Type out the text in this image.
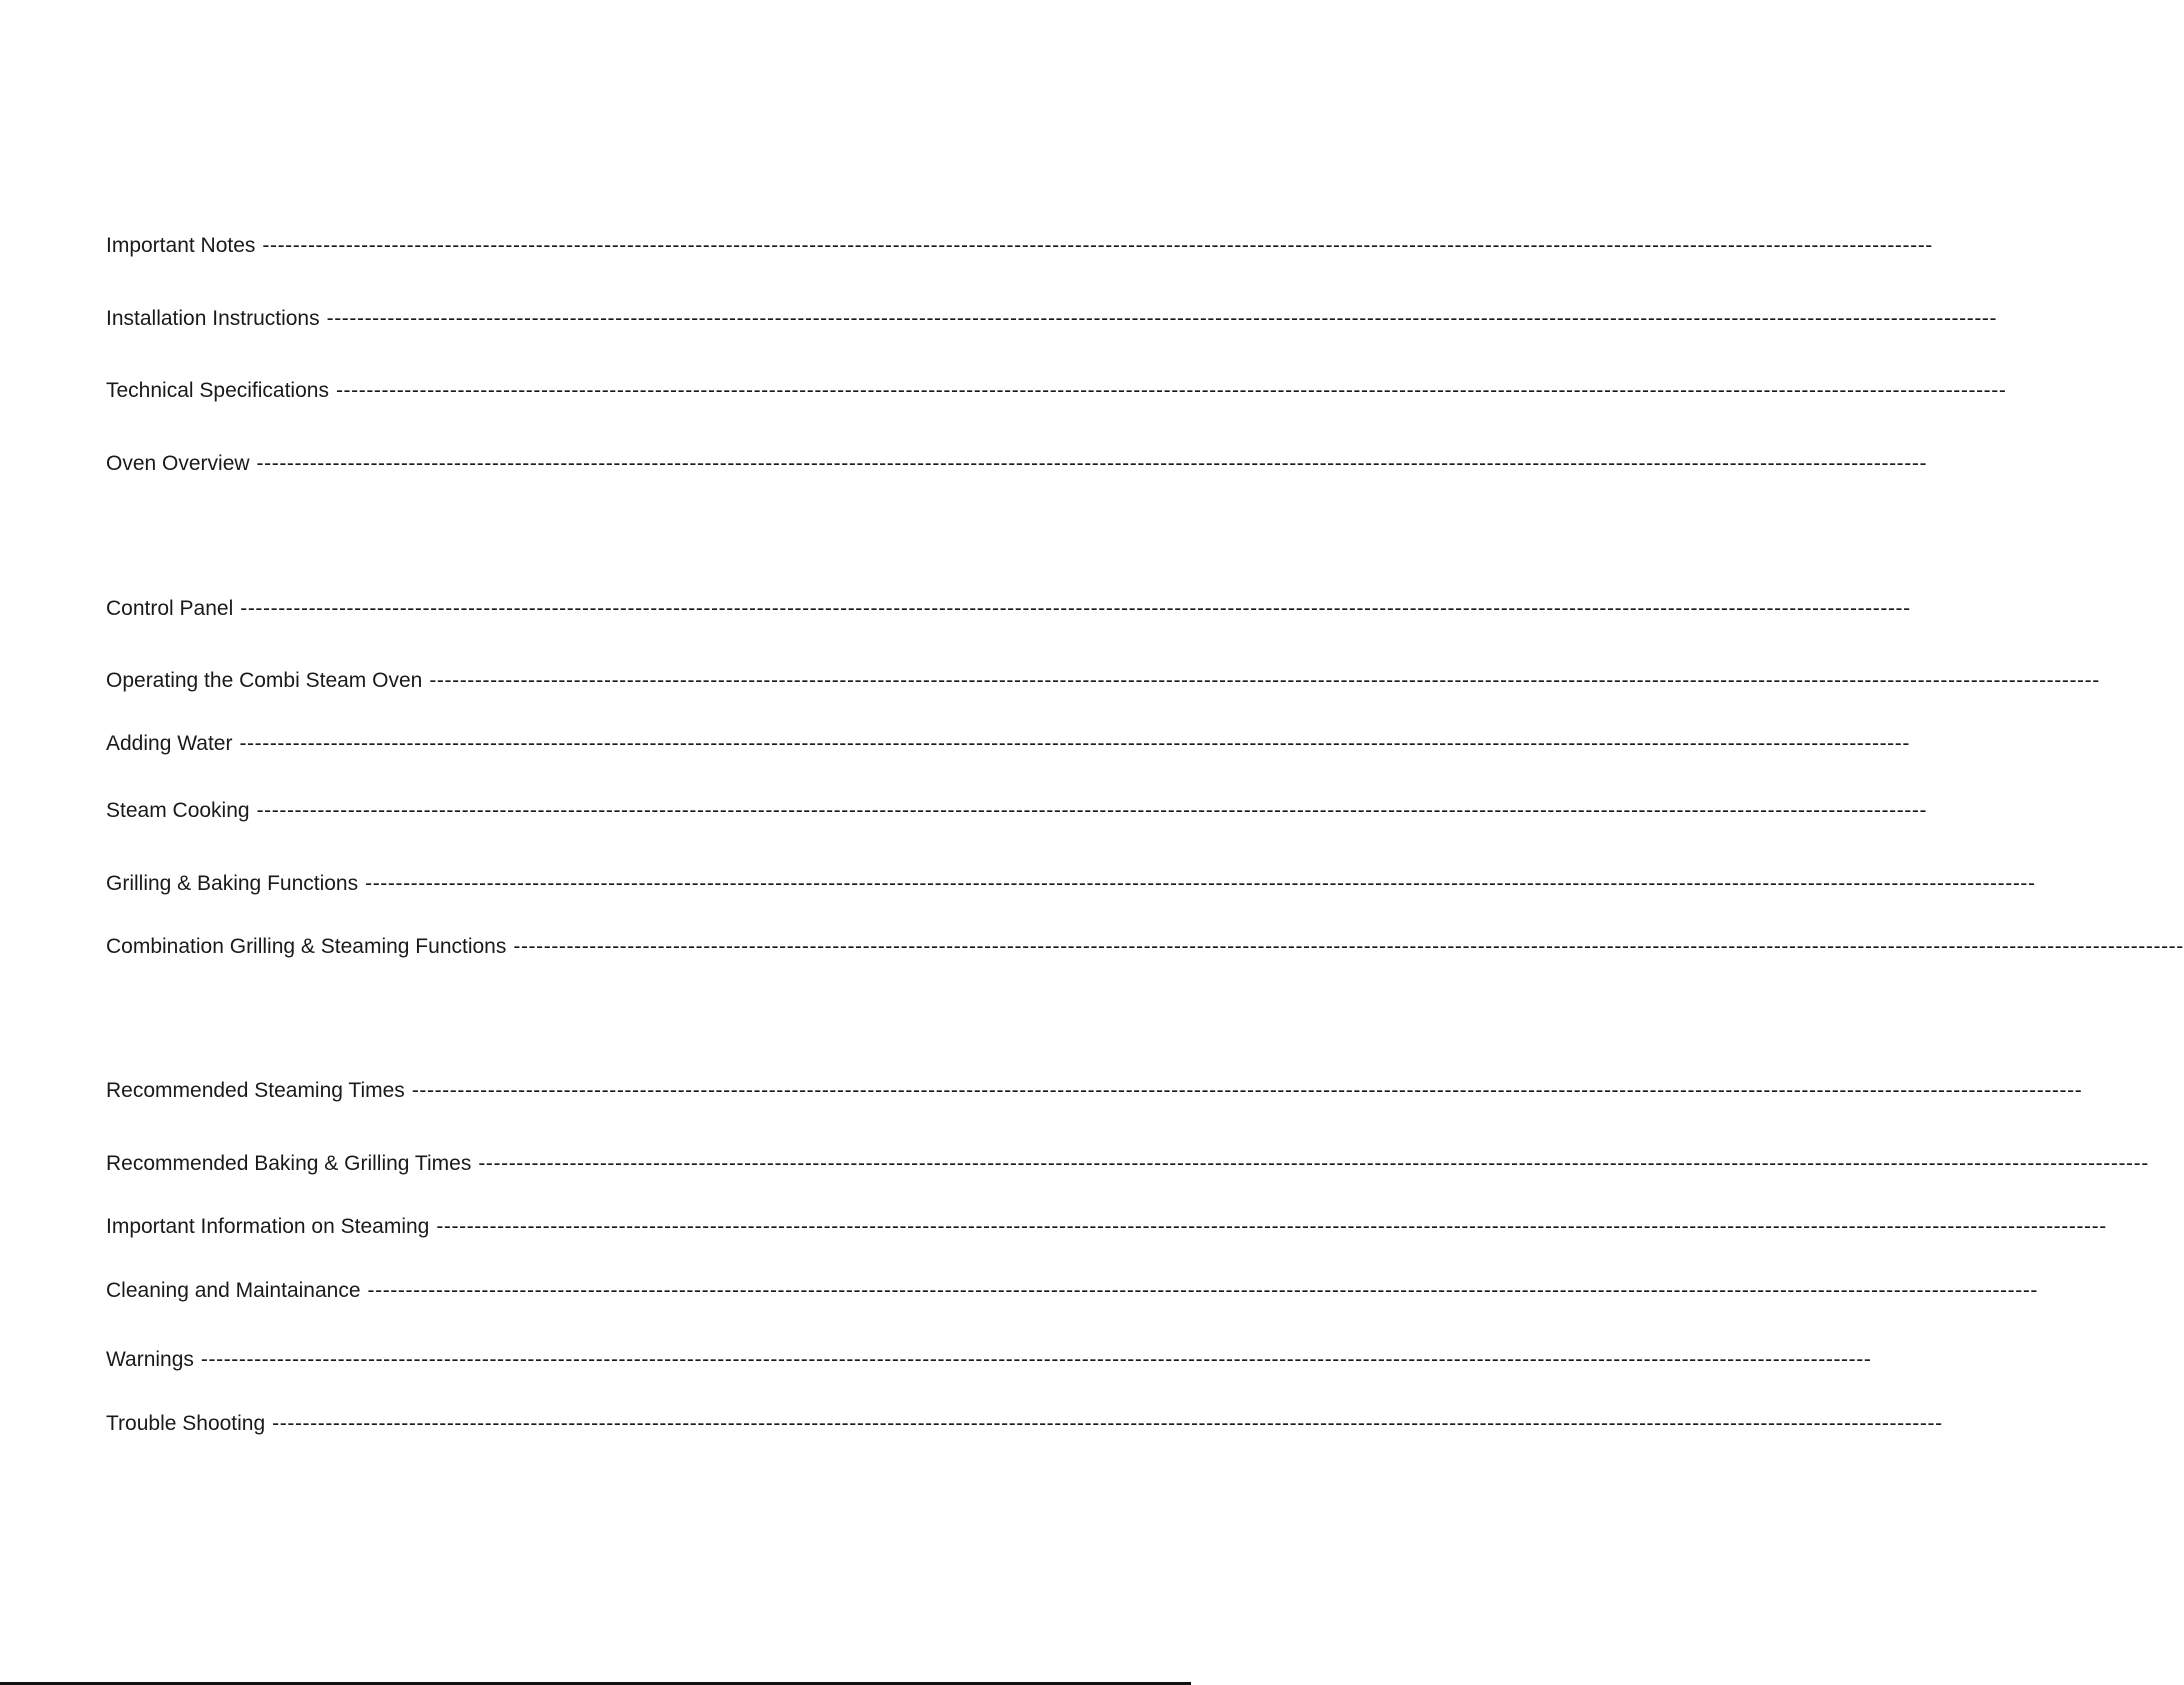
Important Notes ----------------------------------------------------------------------------------------------------------------------------------------------------------------------------------------------------------------------------
Installation Instructions ----------------------------------------------------------------------------------------------------------------------------------------------------------------------------------------------------------------------------
Technical Specifications ----------------------------------------------------------------------------------------------------------------------------------------------------------------------------------------------------------------------------
Oven Overview ----------------------------------------------------------------------------------------------------------------------------------------------------------------------------------------------------------------------------
Control Panel ----------------------------------------------------------------------------------------------------------------------------------------------------------------------------------------------------------------------------
Operating the Combi Steam Oven ----------------------------------------------------------------------------------------------------------------------------------------------------------------------------------------------------------------------------
Adding Water ----------------------------------------------------------------------------------------------------------------------------------------------------------------------------------------------------------------------------
Steam Cooking ----------------------------------------------------------------------------------------------------------------------------------------------------------------------------------------------------------------------------
Grilling & Baking Functions ----------------------------------------------------------------------------------------------------------------------------------------------------------------------------------------------------------------------------
Combination Grilling & Steaming Functions ----------------------------------------------------------------------------------------------------------------------------------------------------------------------------------------------------------------------------
Recommended Steaming Times ----------------------------------------------------------------------------------------------------------------------------------------------------------------------------------------------------------------------------
Recommended Baking & Grilling Times ----------------------------------------------------------------------------------------------------------------------------------------------------------------------------------------------------------------------------
Important Information on Steaming ----------------------------------------------------------------------------------------------------------------------------------------------------------------------------------------------------------------------------
Cleaning and Maintainance ----------------------------------------------------------------------------------------------------------------------------------------------------------------------------------------------------------------------------
Warnings ----------------------------------------------------------------------------------------------------------------------------------------------------------------------------------------------------------------------------
Trouble Shooting ----------------------------------------------------------------------------------------------------------------------------------------------------------------------------------------------------------------------------
